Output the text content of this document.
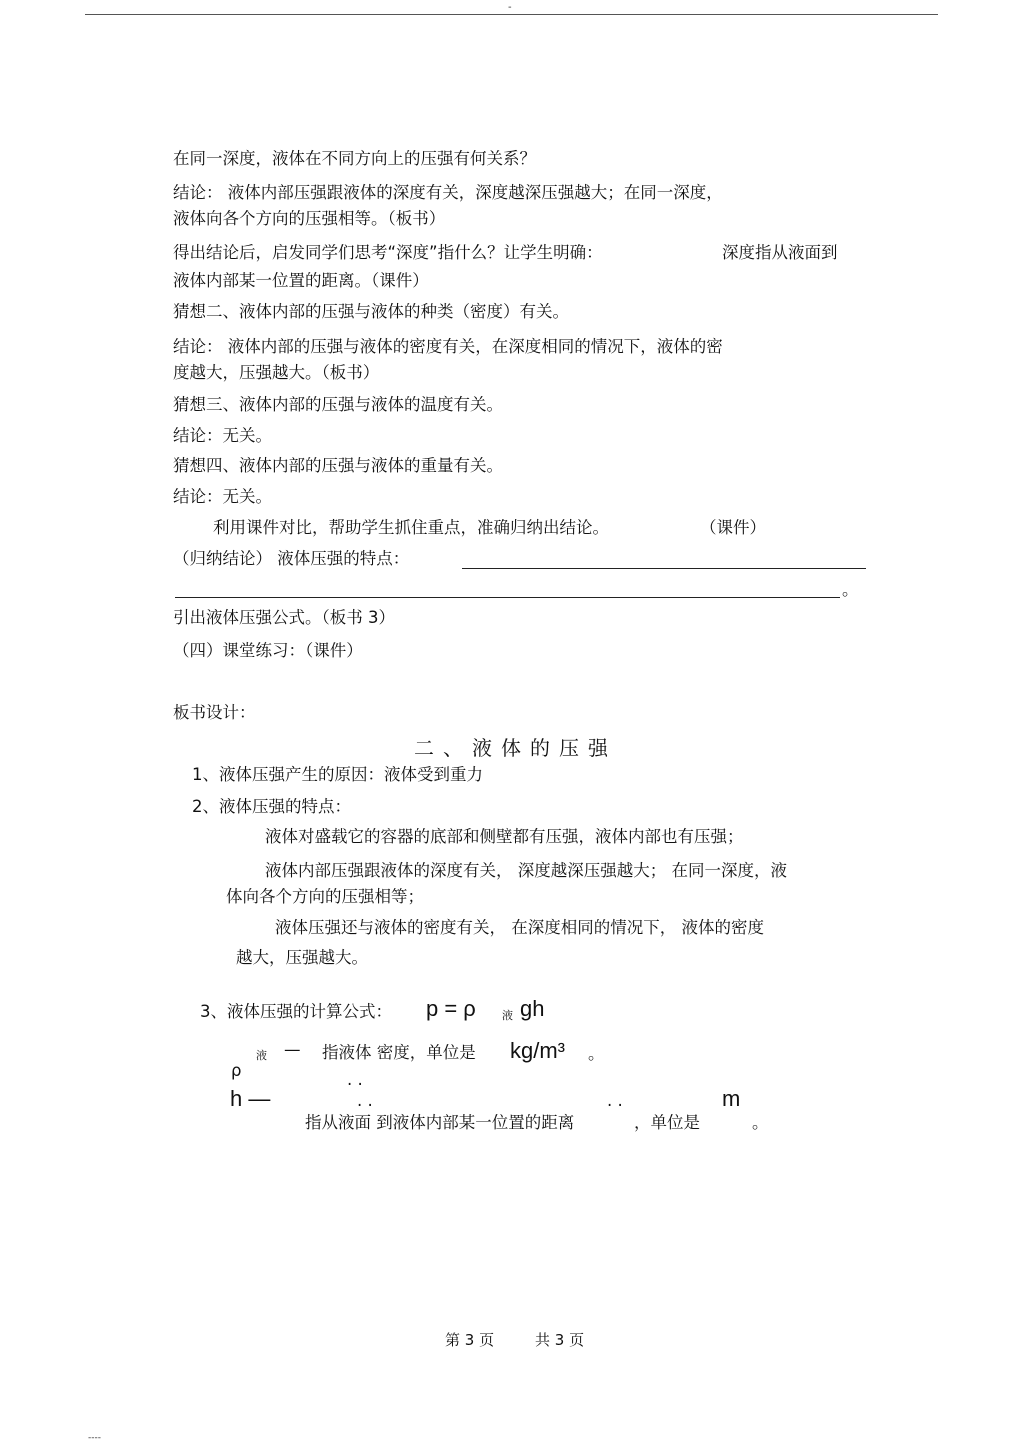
-
在同一深度，液体在不同方向上的压强有何关系？
结论： 液体内部压强跟液体的深度有关，深度越深压强越大；在同一深度，
液体向各个方向的压强相等。（板书）
得出结论后，启发同学们思考“深度”指什么？让学生明确：	深度指从液面到
液体内部某一位置的距离。（课件）
猜想二、液体内部的压强与液体的种类（密度）有关。
结论： 液体内部的压强与液体的密度有关，在深度相同的情况下，液体的密
度越大，压强越大。（板书）
猜想三、液体内部的压强与液体的温度有关。
结论：无关。
猜想四、液体内部的压强与液体的重量有关。
结论：无关。
利用课件对比，帮助学生抓住重点，准确归纳出结论。	（课件）
（归纳结论） 液体压强的特点：
。
引出液体压强公式。（板书 3）
（四）课堂练习：（课件）
板书设计：
二、液体的压强
1、液体压强产生的原因：液体受到重力
2、液体压强的特点：
液体对盛载它的容器的底部和侧壁都有压强，液体内部也有压强；
液体内部压强跟液体的深度有关， 深度越深压强越大； 在同一深度，液
体向各个方向的压强相等；
液体压强还与液体的密度有关， 在深度相同的情况下， 液体的密度
越大，压强越大。
3、液体压强的计算公式： p = ρ 液 gh
液 — 指液体 密度，单位是 kg/m³ 。
ρ	. .
h —	. .	. .	m
指从液面 到液体内部某一位置的距离	，单位是	。
第 3 页	共 3 页
----
